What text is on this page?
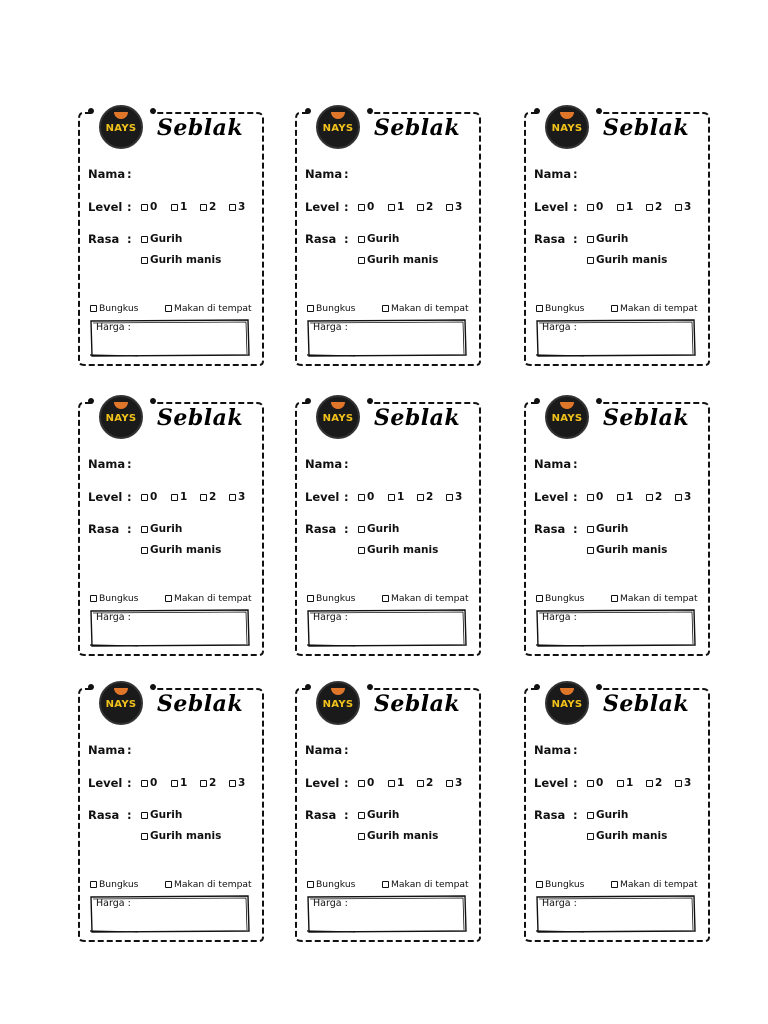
NAYS Seblak
Nama :
Level : 0 1 2 3
Rasa : Gurih
Gurih manis
Bungkus	Makan di tempat
Harga :
NAYS Seblak
Nama :
Level : 0 1 2 3
Rasa : Gurih
Gurih manis
Bungkus	Makan di tempat
Harga :
NAYS Seblak
Nama :
Level : 0 1 2 3
Rasa : Gurih
Gurih manis
Bungkus	Makan di tempat
Harga :
NAYS Seblak
Nama :
Level : 0 1 2 3
Rasa : Gurih
Gurih manis
Bungkus	Makan di tempat
Harga :
NAYS Seblak
Nama :
Level : 0 1 2 3
Rasa : Gurih
Gurih manis
Bungkus	Makan di tempat
Harga :
NAYS Seblak
Nama :
Level : 0 1 2 3
Rasa : Gurih
Gurih manis
Bungkus	Makan di tempat
Harga :
NAYS Seblak
Nama :
Level : 0 1 2 3
Rasa : Gurih
Gurih manis
Bungkus	Makan di tempat
Harga :
NAYS Seblak
Nama :
Level : 0 1 2 3
Rasa : Gurih
Gurih manis
Bungkus	Makan di tempat
Harga :
NAYS Seblak
Nama :
Level : 0 1 2 3
Rasa : Gurih
Gurih manis
Bungkus	Makan di tempat
Harga :
